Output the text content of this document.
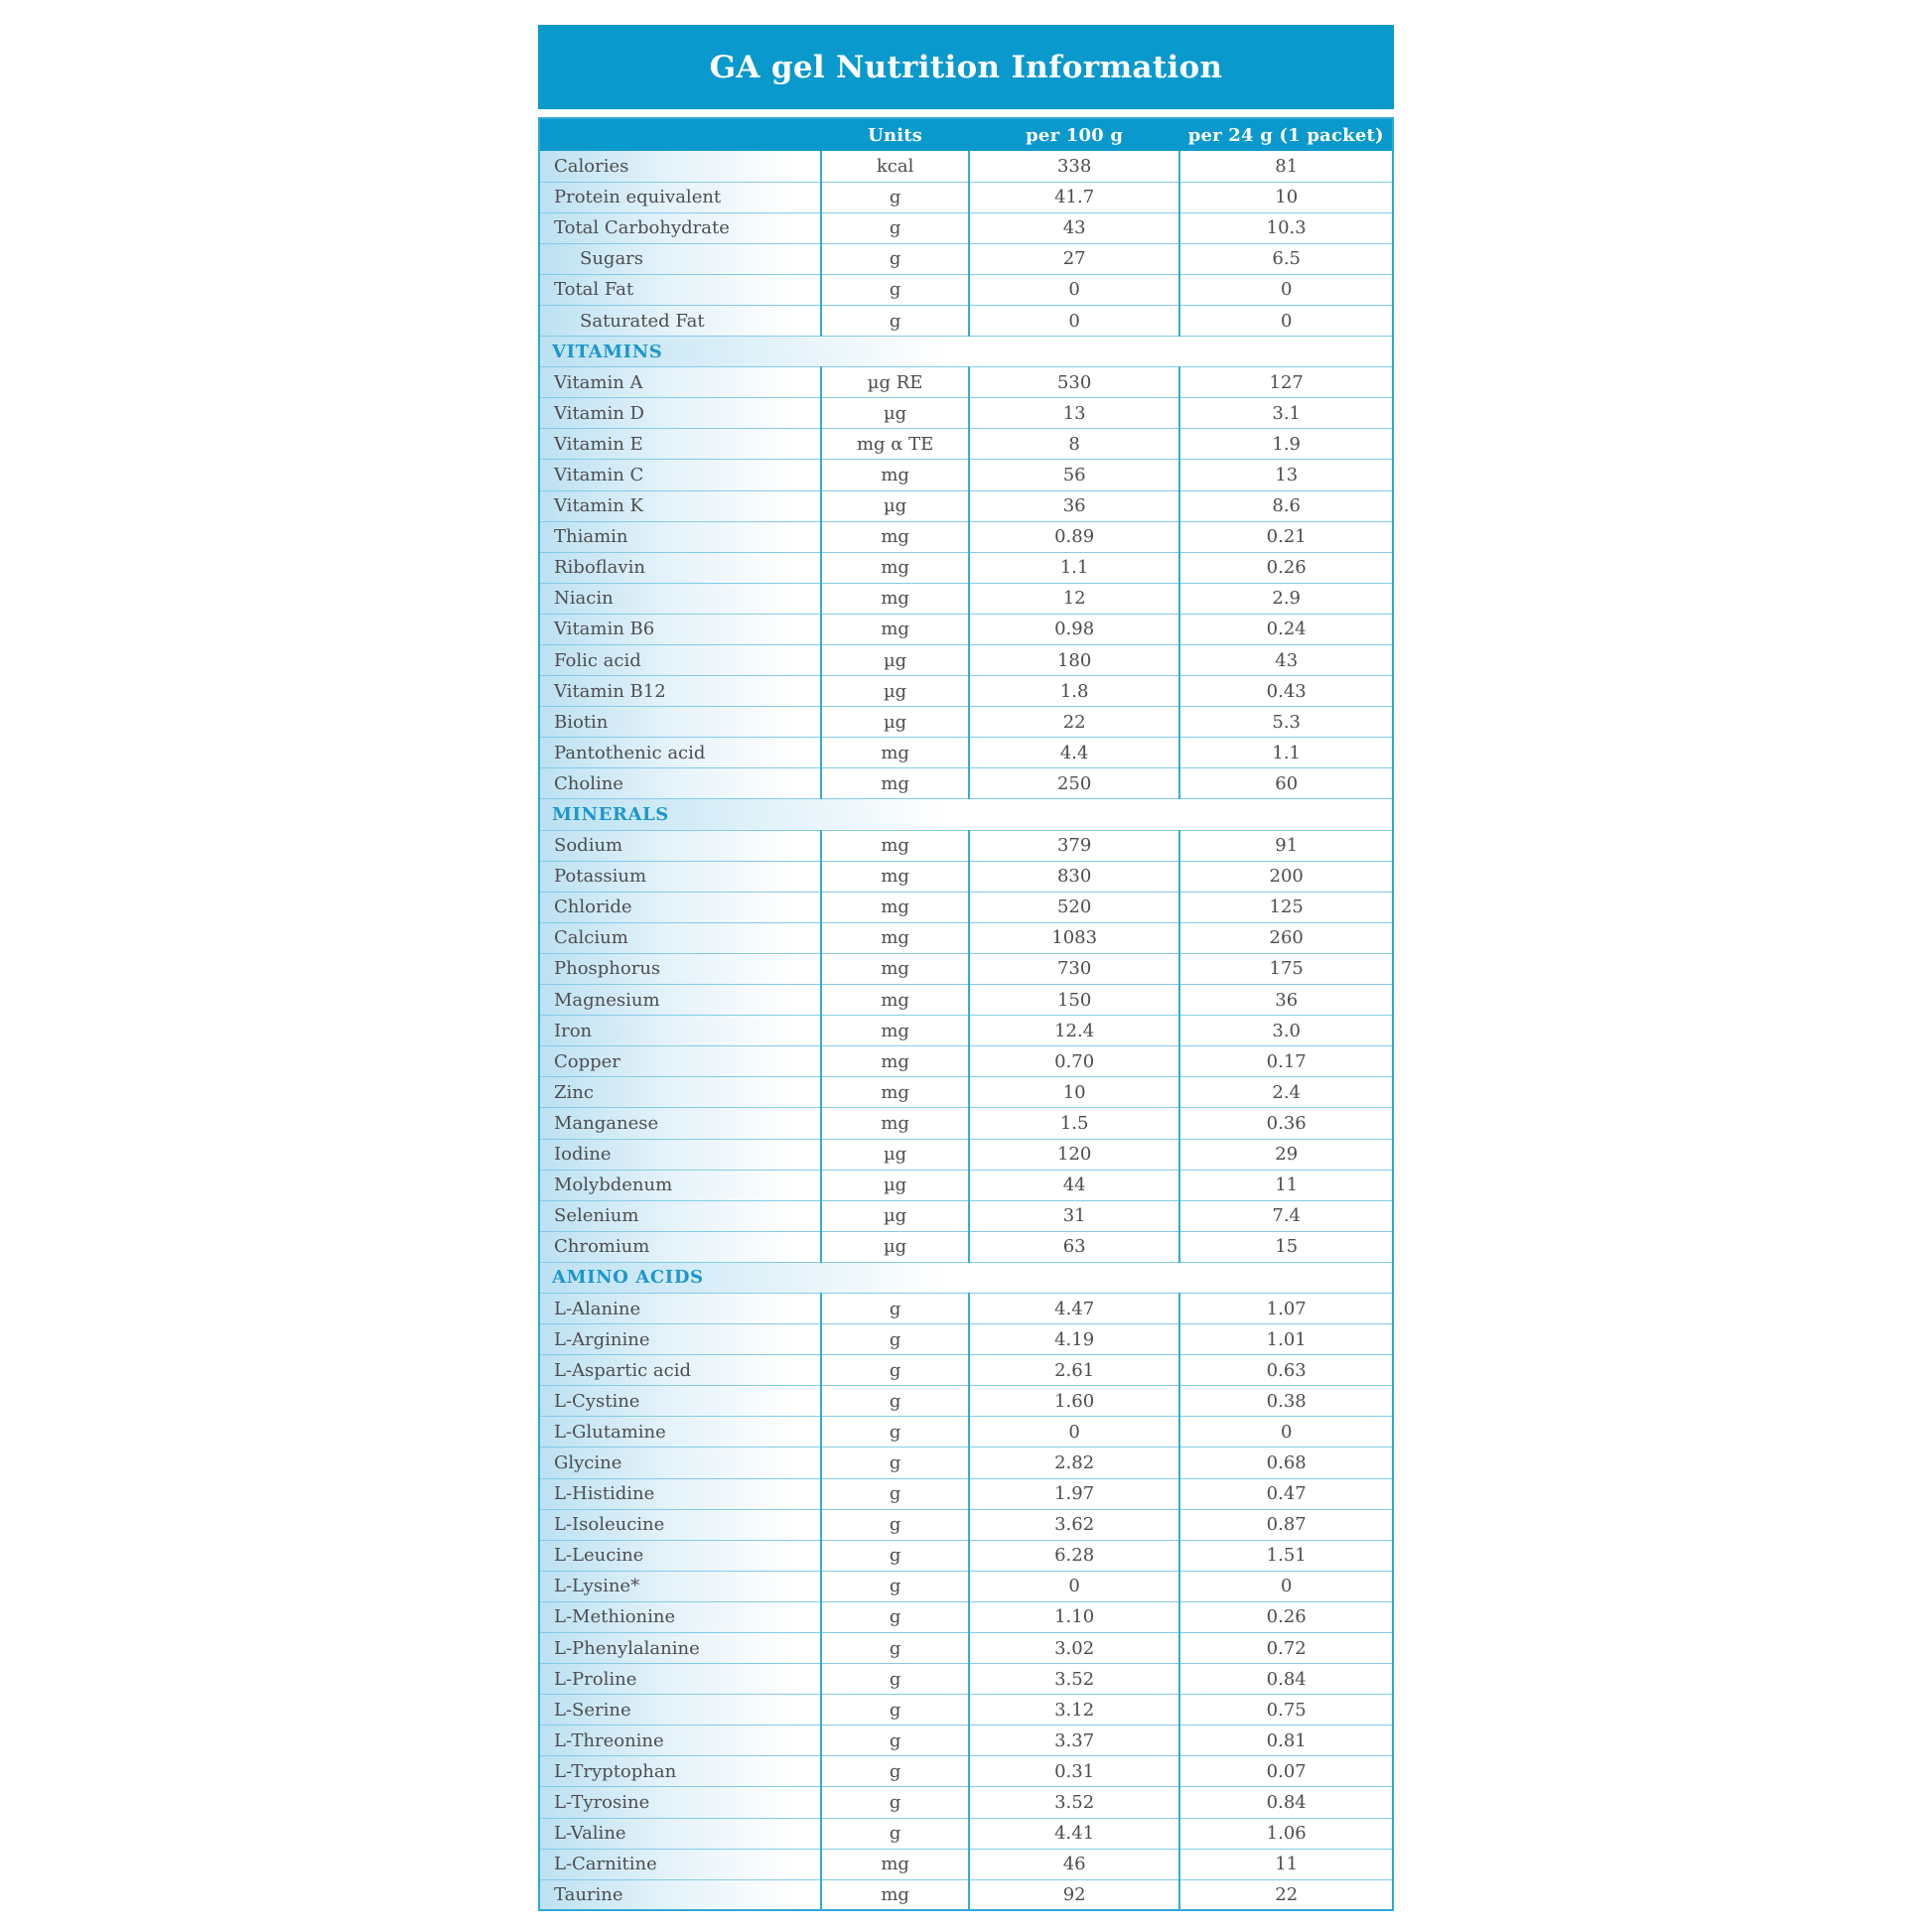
GA gel Nutrition Information
	Units	per 100 g	per 24 g (1 packet)
Calories	kcal	338	81
Protein equivalent	g	41.7	10
Total Carbohydrate	g	43	10.3
Sugars	g	27	6.5
Total Fat	g	0	0
Saturated Fat	g	0	0
VITAMINS			
Vitamin A	µg RE	530	127
Vitamin D	µg	13	3.1
Vitamin E	mg α TE	8	1.9
Vitamin C	mg	56	13
Vitamin K	µg	36	8.6
Thiamin	mg	0.89	0.21
Riboflavin	mg	1.1	0.26
Niacin	mg	12	2.9
Vitamin B6	mg	0.98	0.24
Folic acid	µg	180	43
Vitamin B12	µg	1.8	0.43
Biotin	µg	22	5.3
Pantothenic acid	mg	4.4	1.1
Choline	mg	250	60
MINERALS			
Sodium	mg	379	91
Potassium	mg	830	200
Chloride	mg	520	125
Calcium	mg	1083	260
Phosphorus	mg	730	175
Magnesium	mg	150	36
Iron	mg	12.4	3.0
Copper	mg	0.70	0.17
Zinc	mg	10	2.4
Manganese	mg	1.5	0.36
Iodine	µg	120	29
Molybdenum	µg	44	11
Selenium	µg	31	7.4
Chromium	µg	63	15
AMINO ACIDS			
L-Alanine	g	4.47	1.07
L-Arginine	g	4.19	1.01
L-Aspartic acid	g	2.61	0.63
L-Cystine	g	1.60	0.38
L-Glutamine	g	0	0
Glycine	g	2.82	0.68
L-Histidine	g	1.97	0.47
L-Isoleucine	g	3.62	0.87
L-Leucine	g	6.28	1.51
L-Lysine*	g	0	0
L-Methionine	g	1.10	0.26
L-Phenylalanine	g	3.02	0.72
L-Proline	g	3.52	0.84
L-Serine	g	3.12	0.75
L-Threonine	g	3.37	0.81
L-Tryptophan	g	0.31	0.07
L-Tyrosine	g	3.52	0.84
L-Valine	g	4.41	1.06
L-Carnitine	mg	46	11
Taurine	mg	92	22
